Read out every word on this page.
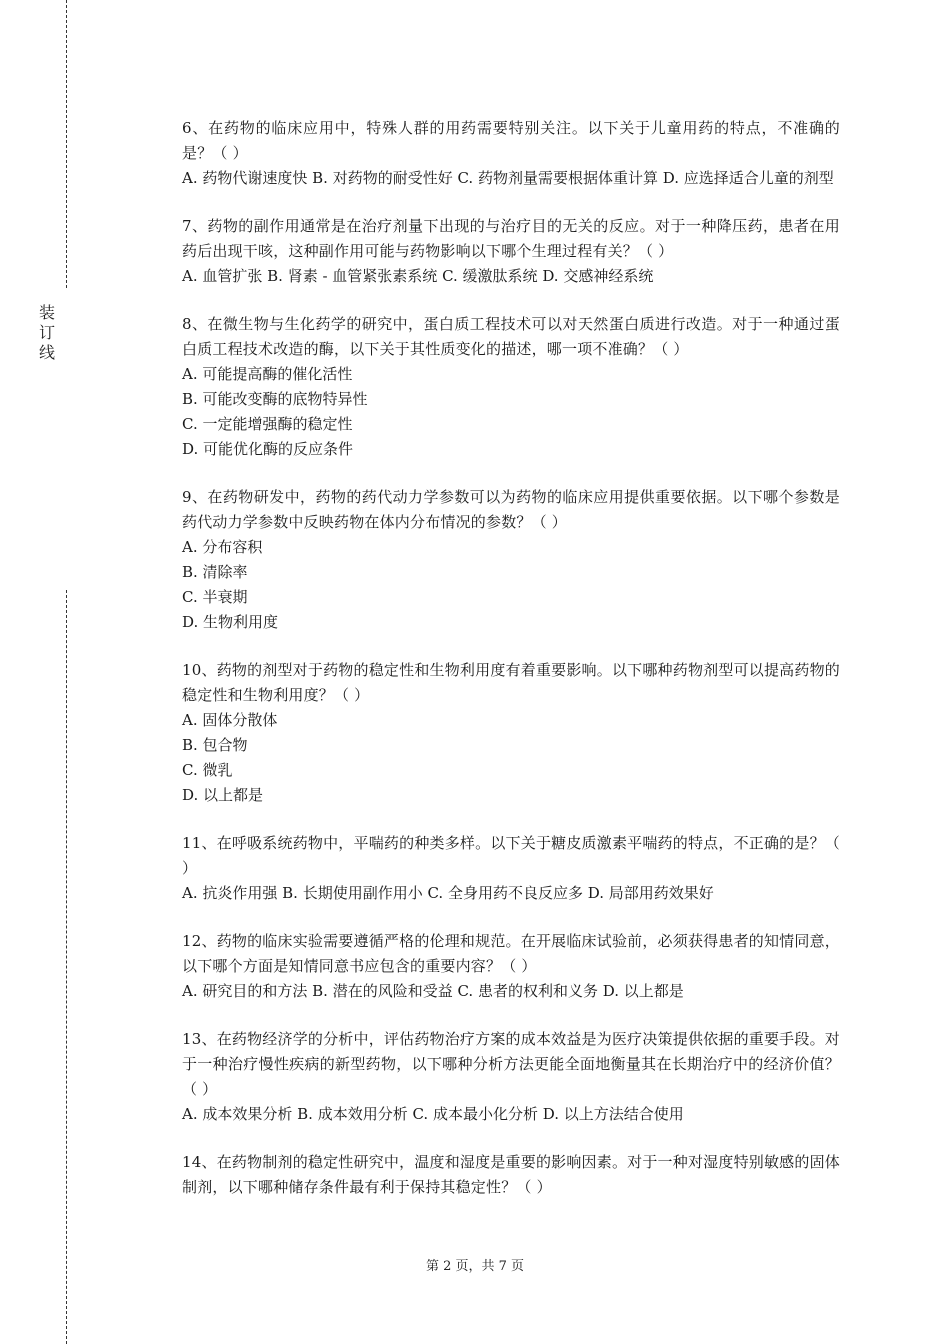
装
订
线

6、在药物的临床应用中，特殊人群的用药需要特别关注。以下关于儿童用药的特点，不准确的是？（ ）

A. 药物代谢速度快 B. 对药物的耐受性好 C. 药物剂量需要根据体重计算 D. 应选择适合儿童的剂型

7、药物的副作用通常是在治疗剂量下出现的与治疗目的无关的反应。对于一种降压药，患者在用药后出现干咳，这种副作用可能与药物影响以下哪个生理过程有关？（ ）

A. 血管扩张 B. 肾素 - 血管紧张素系统 C. 缓激肽系统 D. 交感神经系统

8、在微生物与生化药学的研究中，蛋白质工程技术可以对天然蛋白质进行改造。对于一种通过蛋白质工程技术改造的酶，以下关于其性质变化的描述，哪一项不准确？（ ）

A. 可能提高酶的催化活性

B. 可能改变酶的底物特异性

C. 一定能增强酶的稳定性

D. 可能优化酶的反应条件

9、在药物研发中，药物的药代动力学参数可以为药物的临床应用提供重要依据。以下哪个参数是药代动力学参数中反映药物在体内分布情况的参数？（ ）

A. 分布容积

B. 清除率

C. 半衰期

D. 生物利用度

10、药物的剂型对于药物的稳定性和生物利用度有着重要影响。以下哪种药物剂型可以提高药物的稳定性和生物利用度？（ ）

A. 固体分散体

B. 包合物

C. 微乳

D. 以上都是

11、在呼吸系统药物中，平喘药的种类多样。以下关于糖皮质激素平喘药的特点，不正确的是？（ ）

A. 抗炎作用强 B. 长期使用副作用小 C. 全身用药不良反应多 D. 局部用药效果好

12、药物的临床实验需要遵循严格的伦理和规范。在开展临床试验前，必须获得患者的知情同意，以下哪个方面是知情同意书应包含的重要内容？（ ）

A. 研究目的和方法 B. 潜在的风险和受益 C. 患者的权利和义务 D. 以上都是

13、在药物经济学的分析中，评估药物治疗方案的成本效益是为医疗决策提供依据的重要手段。对于一种治疗慢性疾病的新型药物，以下哪种分析方法更能全面地衡量其在长期治疗中的经济价值？（ ）

A. 成本效果分析 B. 成本效用分析 C. 成本最小化分析 D. 以上方法结合使用

14、在药物制剂的稳定性研究中，温度和湿度是重要的影响因素。对于一种对湿度特别敏感的固体制剂，以下哪种储存条件最有利于保持其稳定性？（ ）

第 2 页，共 7 页
